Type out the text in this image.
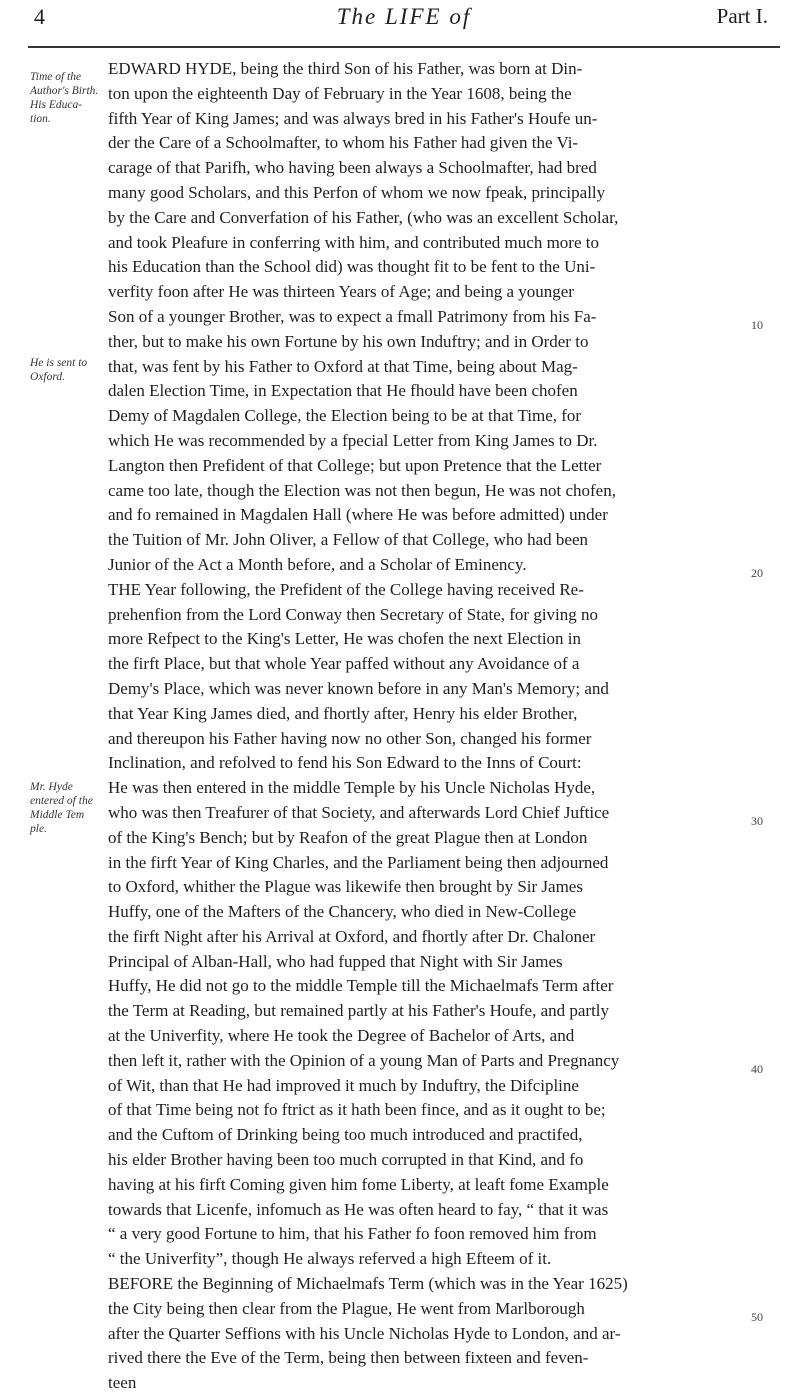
4	The LIFE of	Part I.
Time of the Author's Birth. His Educa-tion.
He is sent to Oxford.
Mr. Hyde entered of the Middle Tem ple.
10
20
30
40
50
EDWARD HYDE, being the third Son of his Father, was born at Din-
ton upon the eighteenth Day of February in the Year 1608, being the
fifth Year of King James; and was always bred in his Father's Houfe un-
der the Care of a Schoolmafter, to whom his Father had given the Vi-
carage of that Parifh, who having been always a Schoolmafter, had bred
many good Scholars, and this Perfon of whom we now fpeak, principally
by the Care and Converfation of his Father, (who was an excellent Scholar,
and took Pleafure in conferring with him, and contributed much more to
his Education than the School did) was thought fit to be fent to the Uni-
verfity foon after He was thirteen Years of Age; and being a younger
Son of a younger Brother, was to expect a fmall Patrimony from his Fa-
ther, but to make his own Fortune by his own Induftry; and in Order to
that, was fent by his Father to Oxford at that Time, being about Mag-
dalen Election Time, in Expectation that He fhould have been chofen
Demy of Magdalen College, the Election being to be at that Time, for
which He was recommended by a fpecial Letter from King James to Dr.
Langton then Prefident of that College; but upon Pretence that the Letter
came too late, though the Election was not then begun, He was not chofen,
and fo remained in Magdalen Hall (where He was before admitted) under
the Tuition of Mr. John Oliver, a Fellow of that College, who had been
Junior of the Act a Month before, and a Scholar of Eminency.
THE Year following, the Prefident of the College having received Re-
prehenfion from the Lord Conway then Secretary of State, for giving no
more Refpect to the King's Letter, He was chofen the next Election in
the firft Place, but that whole Year paffed without any Avoidance of a
Demy's Place, which was never known before in any Man's Memory; and
that Year King James died, and fhortly after, Henry his elder Brother,
and thereupon his Father having now no other Son, changed his former
Inclination, and refolved to fend his Son Edward to the Inns of Court:
He was then entered in the middle Temple by his Uncle Nicholas Hyde,
who was then Treafurer of that Society, and afterwards Lord Chief Juftice
of the King's Bench; but by Reafon of the great Plague then at London
in the firft Year of King Charles, and the Parliament being then adjourned
to Oxford, whither the Plague was likewife then brought by Sir James
Huffy, one of the Mafters of the Chancery, who died in New-College
the firft Night after his Arrival at Oxford, and fhortly after Dr. Chaloner
Principal of Alban-Hall, who had fupped that Night with Sir James
Huffy, He did not go to the middle Temple till the Michaelmafs Term after
the Term at Reading, but remained partly at his Father's Houfe, and partly
at the Univerfity, where He took the Degree of Bachelor of Arts, and
then left it, rather with the Opinion of a young Man of Parts and Pregnancy
of Wit, than that He had improved it much by Induftry, the Difcipline
of that Time being not fo ftrict as it hath been fince, and as it ought to be;
and the Cuftom of Drinking being too much introduced and practifed,
his elder Brother having been too much corrupted in that Kind, and fo
having at his firft Coming given him fome Liberty, at leaft fome Example
towards that Licenfe, infomuch as He was often heard to fay, “ that it was
“ a very good Fortune to him, that his Father fo foon removed him from
“ the Univerfity”, though He always referved a high Efteem of it.
BEFORE the Beginning of Michaelmafs Term (which was in the Year 1625)
the City being then clear from the Plague, He went from Marlborough
after the Quarter Seffions with his Uncle Nicholas Hyde to London, and ar-
rived there the Eve of the Term, being then between fixteen and feven-
teen
